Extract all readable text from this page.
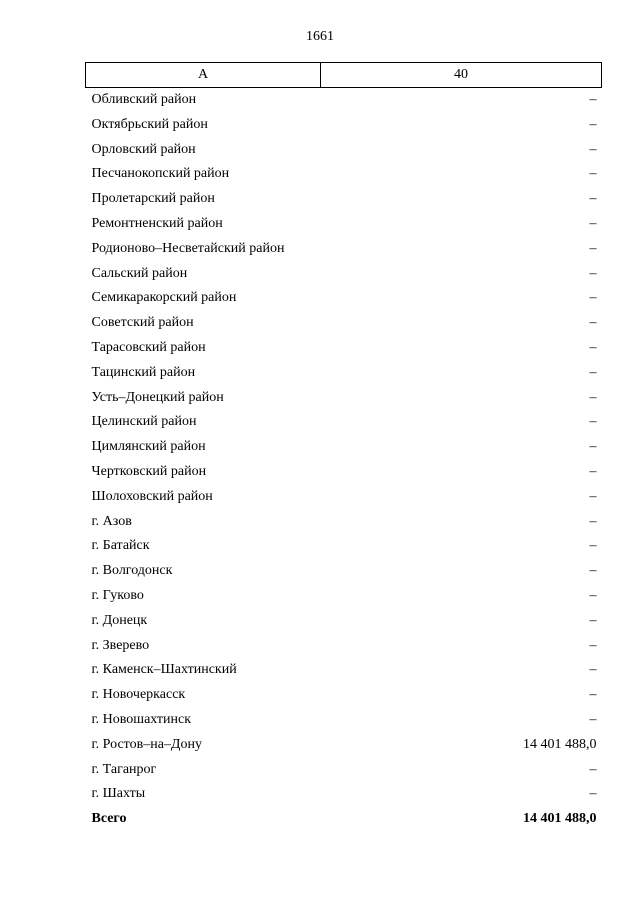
1661
А	40
Обливский район	–
Октябрьский район	–
Орловский район	–
Песчанокопский район	–
Пролетарский район	–
Ремонтненский район	–
Родионово–Несветайский район	–
Сальский район	–
Семикаракорский район	–
Советский район	–
Тарасовский район	–
Тацинский район	–
Усть–Донецкий район	–
Целинский район	–
Цимлянский район	–
Чертковский район	–
Шолоховский район	–
г. Азов	–
г. Батайск	–
г. Волгодонск	–
г. Гуково	–
г. Донецк	–
г. Зверево	–
г. Каменск–Шахтинский	–
г. Новочеркасск	–
г. Новошахтинск	–
г. Ростов–на–Дону	14 401 488,0
г. Таганрог	–
г. Шахты	–
Всего	14 401 488,0
